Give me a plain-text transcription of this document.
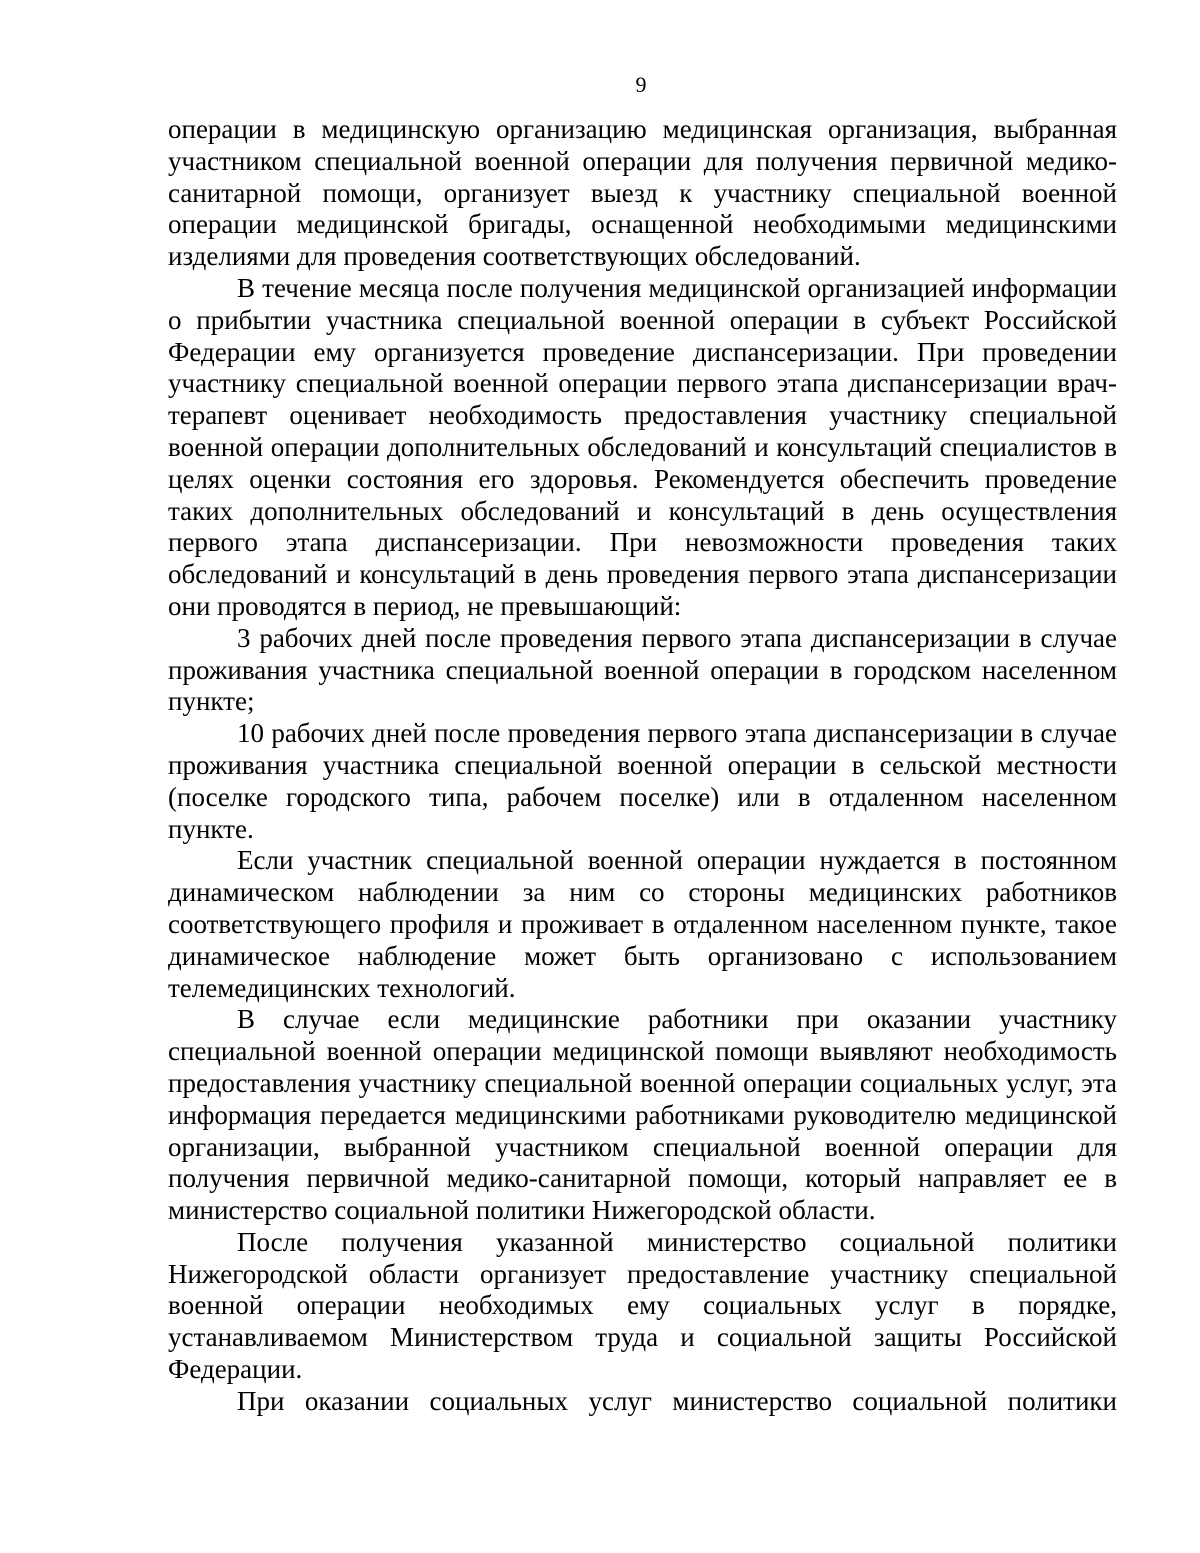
9

операции в медицинскую организацию медицинская организация, выбранная участником специальной военной операции для получения первичной медико-санитарной помощи, организует выезд к участнику специальной военной операции медицинской бригады, оснащенной необходимыми медицинскими изделиями для проведения соответствующих обследований.

В течение месяца после получения медицинской организацией информации о прибытии участника специальной военной операции в субъект Российской Федерации ему организуется проведение диспансеризации. При проведении участнику специальной военной операции первого этапа диспансеризации врач-терапевт оценивает необходимость предоставления участнику специальной военной операции дополнительных обследований и консультаций специалистов в целях оценки состояния его здоровья. Рекомендуется обеспечить проведение таких дополнительных обследований и консультаций в день осуществления первого этапа диспансеризации. При невозможности проведения таких обследований и консультаций в день проведения первого этапа диспансеризации они проводятся в период, не превышающий:

3 рабочих дней после проведения первого этапа диспансеризации в случае проживания участника специальной военной операции в городском населенном пункте;

10 рабочих дней после проведения первого этапа диспансеризации в случае проживания участника специальной военной операции в сельской местности (поселке городского типа, рабочем поселке) или в отдаленном населенном пункте.

Если участник специальной военной операции нуждается в постоянном динамическом наблюдении за ним со стороны медицинских работников соответствующего профиля и проживает в отдаленном населенном пункте, такое динамическое наблюдение может быть организовано с использованием телемедицинских технологий.

В случае если медицинские работники при оказании участнику специальной военной операции медицинской помощи выявляют необходимость предоставления участнику специальной военной операции социальных услуг, эта информация передается медицинскими работниками руководителю медицинской организации, выбранной участником специальной военной операции для получения первичной медико-санитарной помощи, который направляет ее в министерство социальной политики Нижегородской области.

После получения указанной министерство социальной политики Нижегородской области организует предоставление участнику специальной военной операции необходимых ему социальных услуг в порядке, устанавливаемом Министерством труда и социальной защиты Российской Федерации.

При оказании социальных услуг министерство социальной политики
